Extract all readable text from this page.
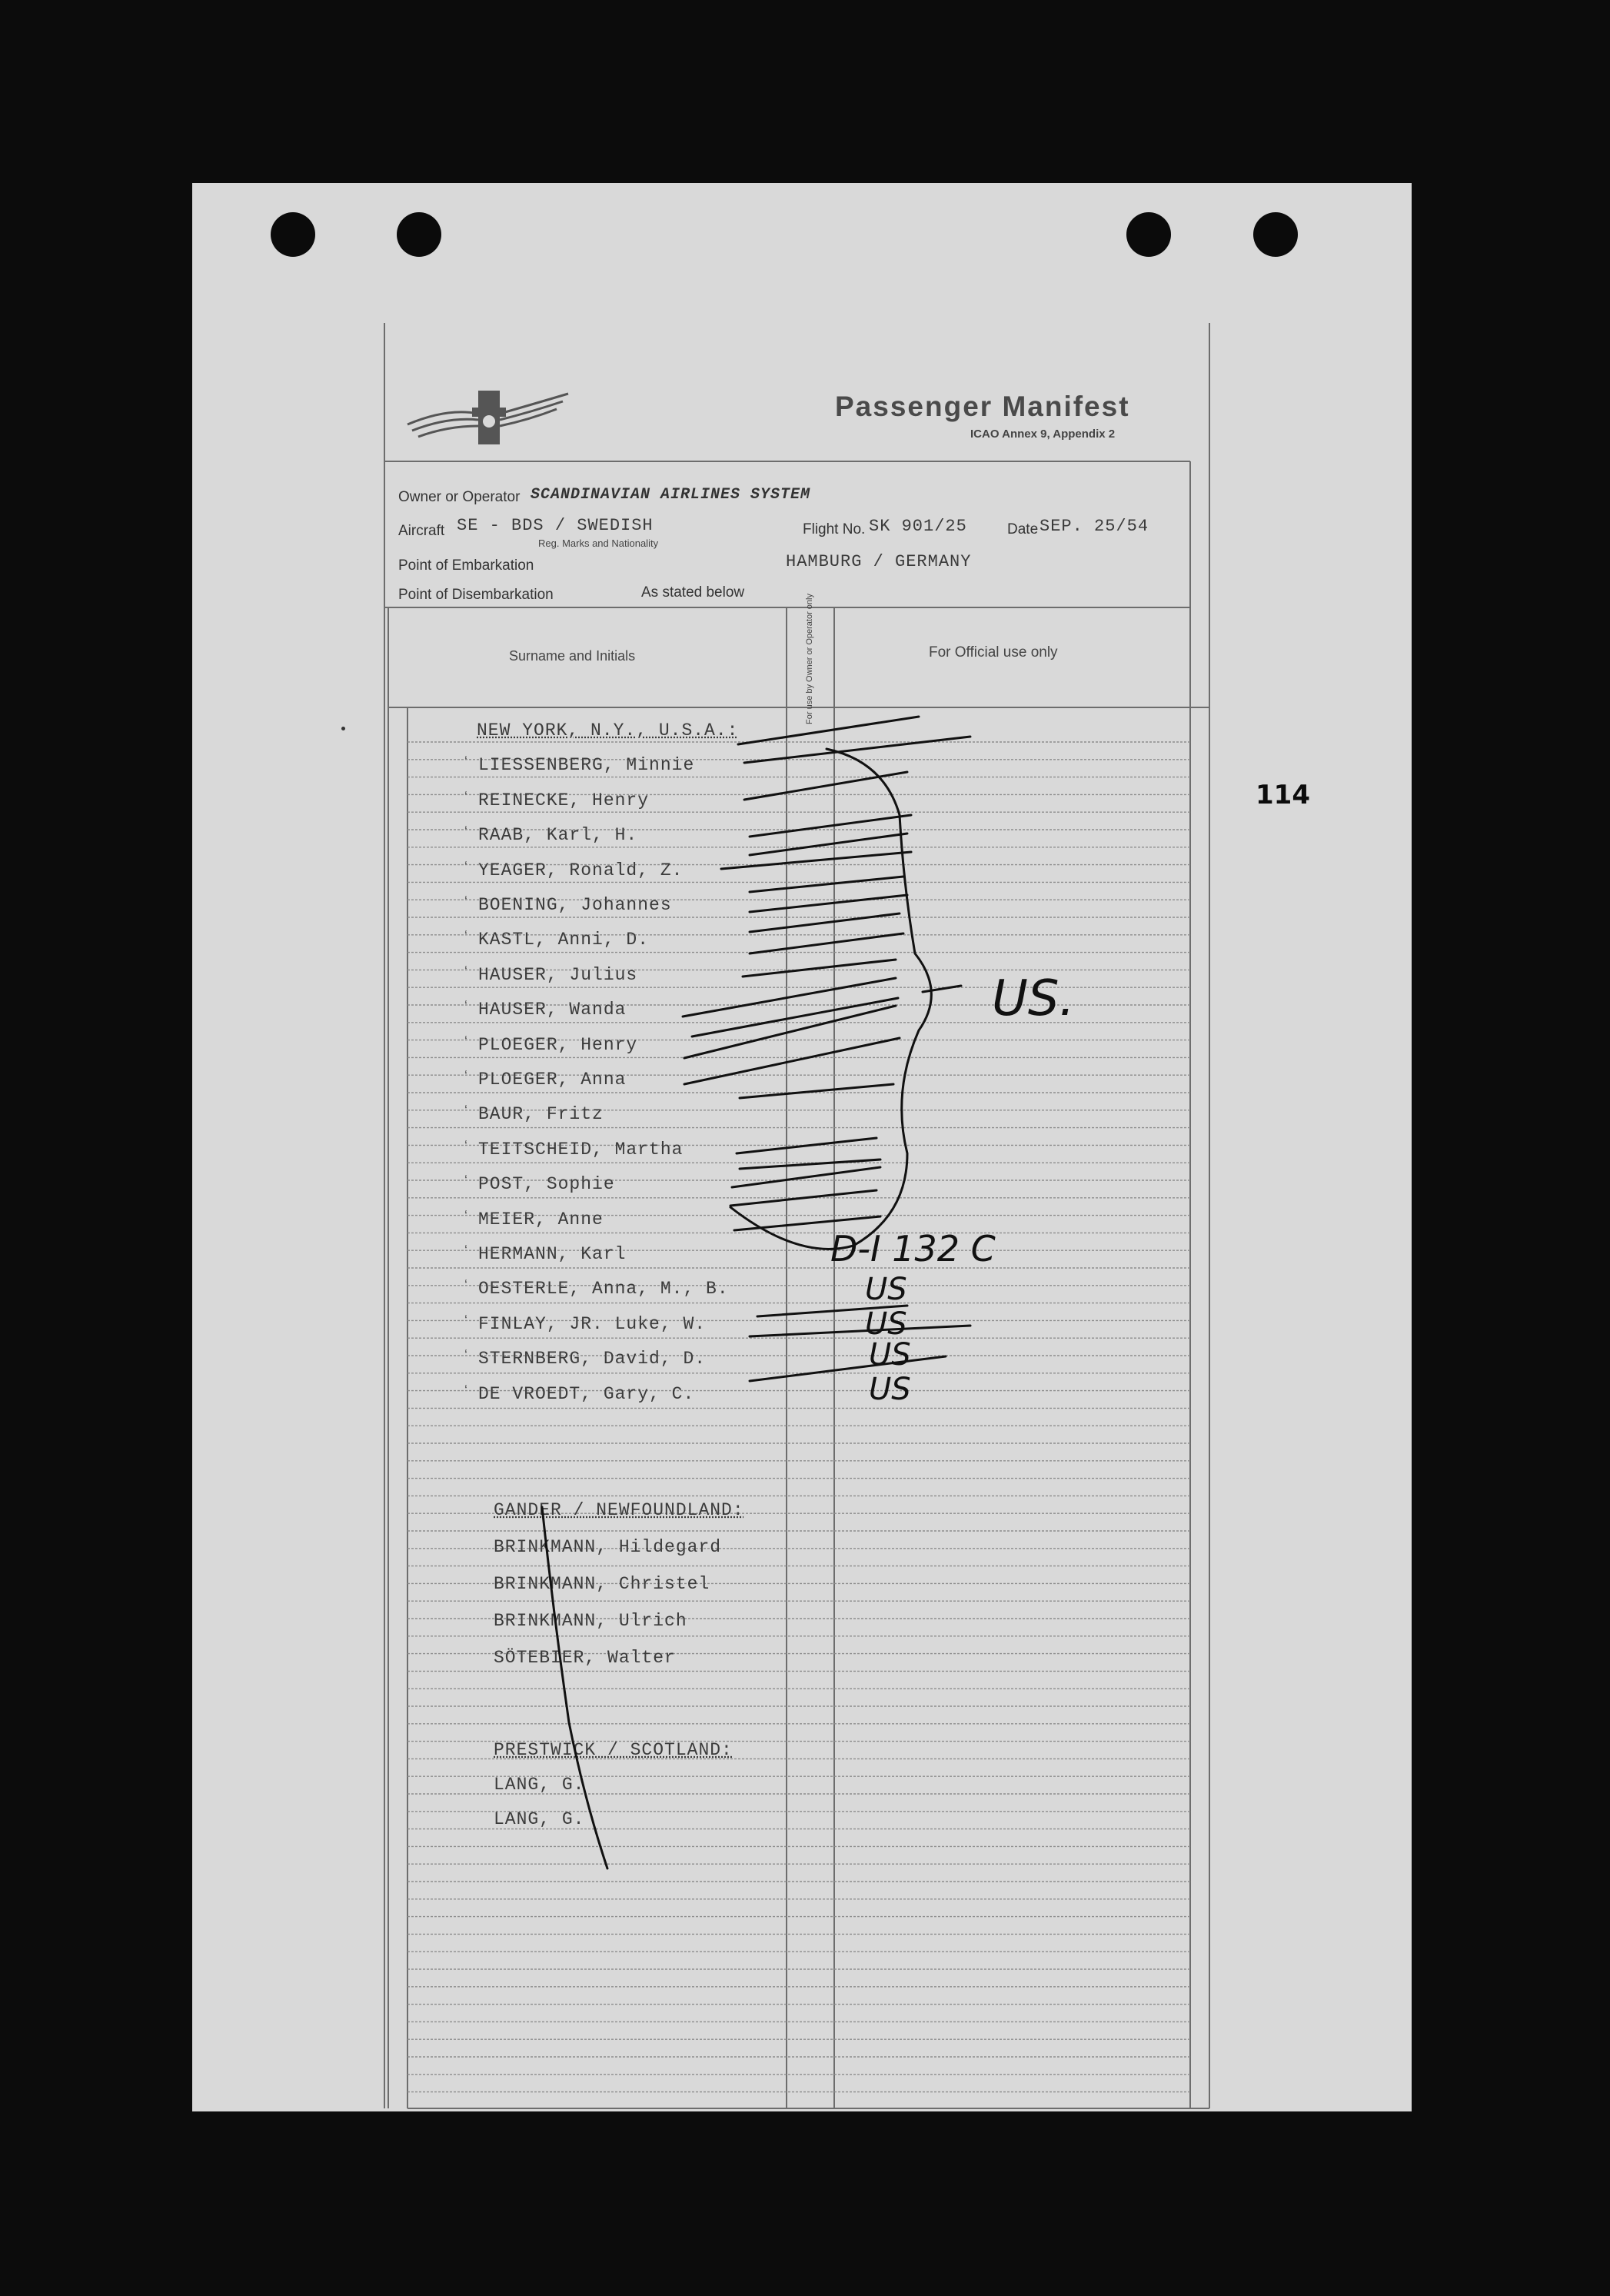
Passenger Manifest
ICAO Annex 9, Appendix 2
Owner or Operator SCANDINAVIAN AIRLINES SYSTEM
Aircraft SE - BDS / SWEDISH
Reg. Marks and Nationality
Flight No. SK 901/25	Date SEP. 25/54
Point of Embarkation	HAMBURG / GERMANY
Point of Disembarkation	As stated below
Surname and Initials	For use by Owner or Operator only	For Official use only
NEW YORK, N.Y., U.S.A.:
LIESSENBERG, Minnie
‘
REINECKE, Henry
‘
RAAB, Karl, H.
‘
YEAGER, Ronald, Z.
‘
BOENING, Johannes
‘
KASTL, Anni, D.
‘
HAUSER, Julius
‘
HAUSER, Wanda
‘
PLOEGER, Henry
‘
PLOEGER, Anna
‘
BAUR, Fritz
‘
TEITSCHEID, Martha
‘
POST, Sophie
‘
MEIER, Anne
‘
HERMANN, Karl
‘
OESTERLE, Anna, M., B.
‘
FINLAY, JR. Luke, W.
‘
STERNBERG, David, D.
‘
DE VROEDT, Gary, C.
‘
GANDER / NEWFOUNDLAND:
BRINKMANN, Hildegard
BRINKMANN, Christel
BRINKMANN, Ulrich
SÖTEBIER, Walter
PRESTWICK / SCOTLAND:
LANG, G.
LANG, G.
114
US.
D-I 132 C
US
US
US
US
